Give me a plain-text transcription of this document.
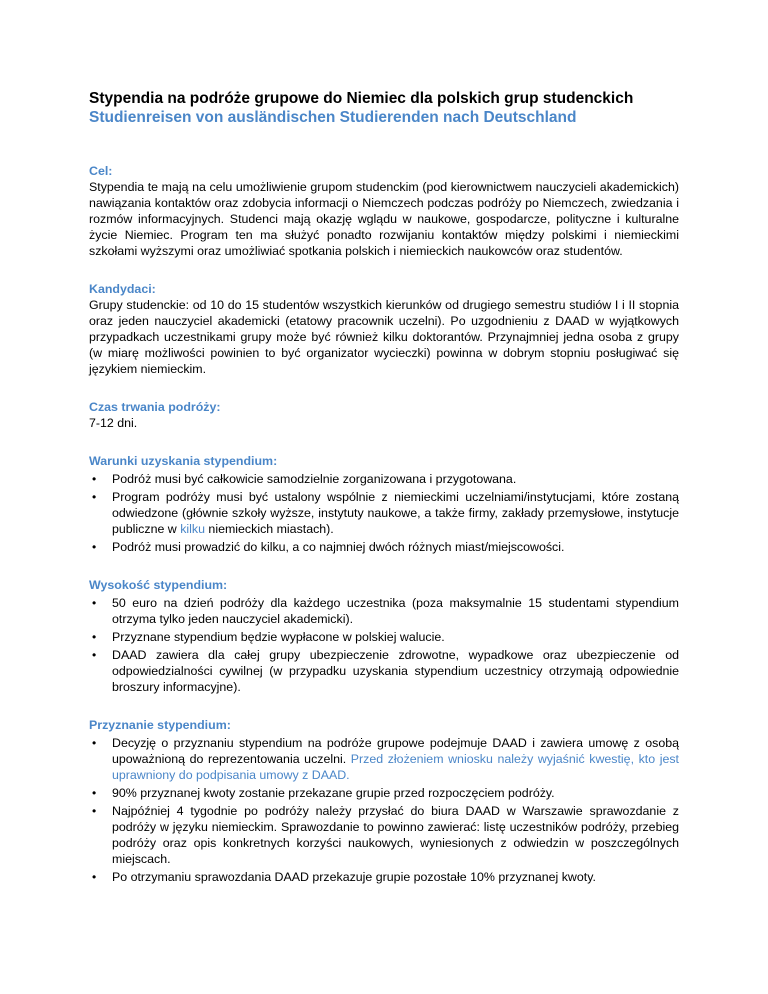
Stypendia na podróże grupowe do Niemiec dla polskich grup studenckich

Studienreisen von ausländischen Studierenden nach Deutschland

Cel:

Stypendia te mają na celu umożliwienie grupom studenckim (pod kierownictwem nauczycieli akademickich) nawiązania kontaktów oraz zdobycia informacji o Niemczech podczas podróży po Niemczech, zwiedzania i rozmów informacyjnych. Studenci mają okazję wglądu w naukowe, gospodarcze, polityczne i kulturalne życie Niemiec. Program ten ma służyć ponadto rozwijaniu kontaktów między polskimi i niemieckimi szkołami wyższymi oraz umożliwiać spotkania polskich i niemieckich naukowców oraz studentów.

Kandydaci:

Grupy studenckie: od 10 do 15 studentów wszystkich kierunków od drugiego semestru studiów I i II stopnia oraz jeden nauczyciel akademicki (etatowy pracownik uczelni). Po uzgodnieniu z DAAD w wyjątkowych przypadkach uczestnikami grupy może być również kilku doktorantów. Przynajmniej jedna osoba z grupy (w miarę możliwości powinien to być organizator wycieczki) powinna w dobrym stopniu posługiwać się językiem niemieckim.

Czas trwania podróży:

7-12 dni.

Warunki uzyskania stypendium:

• Podróż musi być całkowicie samodzielnie zorganizowana i przygotowana.
• Program podróży musi być ustalony wspólnie z niemieckimi uczelniami/instytucjami, które zostaną odwiedzone (głównie szkoły wyższe, instytuty naukowe, a także firmy, zakłady przemysłowe, instytucje publiczne w kilku niemieckich miastach).
• Podróż musi prowadzić do kilku, a co najmniej dwóch różnych miast/miejscowości.

Wysokość stypendium:

• 50 euro na dzień podróży dla każdego uczestnika (poza maksymalnie 15 studentami stypendium otrzyma tylko jeden nauczyciel akademicki).
• Przyznane stypendium będzie wypłacone w polskiej walucie.
• DAAD zawiera dla całej grupy ubezpieczenie zdrowotne, wypadkowe oraz ubezpieczenie od odpowiedzialności cywilnej (w przypadku uzyskania stypendium uczestnicy otrzymają odpowiednie broszury informacyjne).

Przyznanie stypendium:

• Decyzję o przyznaniu stypendium na podróże grupowe podejmuje DAAD i zawiera umowę z osobą upoważnioną do reprezentowania uczelni. Przed złożeniem wniosku należy wyjaśnić kwestię, kto jest uprawniony do podpisania umowy z DAAD.
• 90% przyznanej kwoty zostanie przekazane grupie przed rozpoczęciem podróży.
• Najpóźniej 4 tygodnie po podróży należy przysłać do biura DAAD w Warszawie sprawozdanie z podróży w języku niemieckim. Sprawozdanie to powinno zawierać: listę uczestników podróży, przebieg podróży oraz opis konkretnych korzyści naukowych, wyniesionych z odwiedzin w poszczególnych miejscach.
• Po otrzymaniu sprawozdania DAAD przekazuje grupie pozostałe 10% przyznanej kwoty.
